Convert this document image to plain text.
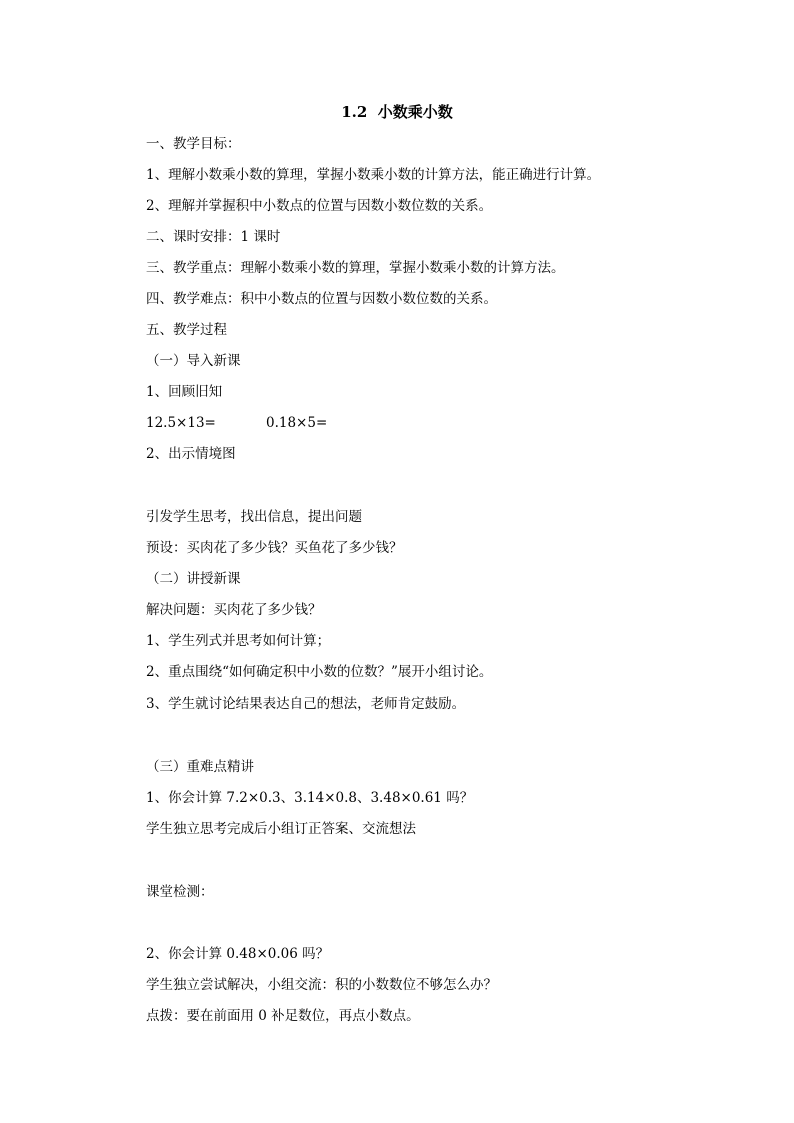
1.2  小数乘小数
一、教学目标：
1、理解小数乘小数的算理，掌握小数乘小数的计算方法，能正确进行计算。
2、理解并掌握积中小数点的位置与因数小数位数的关系。
二、课时安排：1 课时
三、教学重点：理解小数乘小数的算理，掌握小数乘小数的计算方法。
四、教学难点：积中小数点的位置与因数小数位数的关系。
五、教学过程
（一）导入新课
1、回顾旧知
12.5×13=	0.18×5=
2、出示情境图
引发学生思考，找出信息，提出问题
预设：买肉花了多少钱？买鱼花了多少钱？
（二）讲授新课
解决问题：买肉花了多少钱？
1、学生列式并思考如何计算；
2、重点围绕“如何确定积中小数的位数？”展开小组讨论。
3、学生就讨论结果表达自己的想法，老师肯定鼓励。
（三）重难点精讲
1、你会计算 7.2×0.3、3.14×0.8、3.48×0.61 吗？
学生独立思考完成后小组订正答案、交流想法
课堂检测：
2、你会计算 0.48×0.06 吗？
学生独立尝试解决，小组交流：积的小数数位不够怎么办？
点拨：要在前面用 0 补足数位，再点小数点。
